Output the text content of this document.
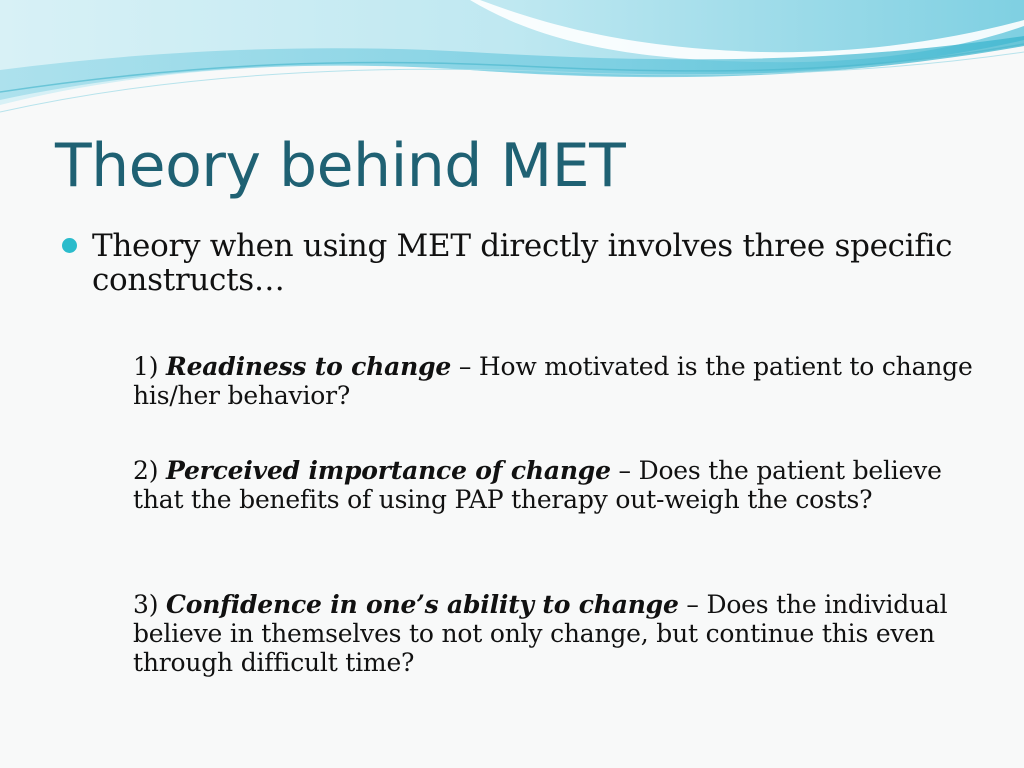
Theory behind MET
Theory when using MET directly involves three specific constructs…
1) Readiness to change – How motivated is the patient to change his/her behavior?
2) Perceived importance of change – Does the patient believe that the benefits of using PAP therapy out-weigh the costs?
3) Confidence in one’s ability to change – Does the individual believe in themselves to not only change, but continue this even through difficult time?
